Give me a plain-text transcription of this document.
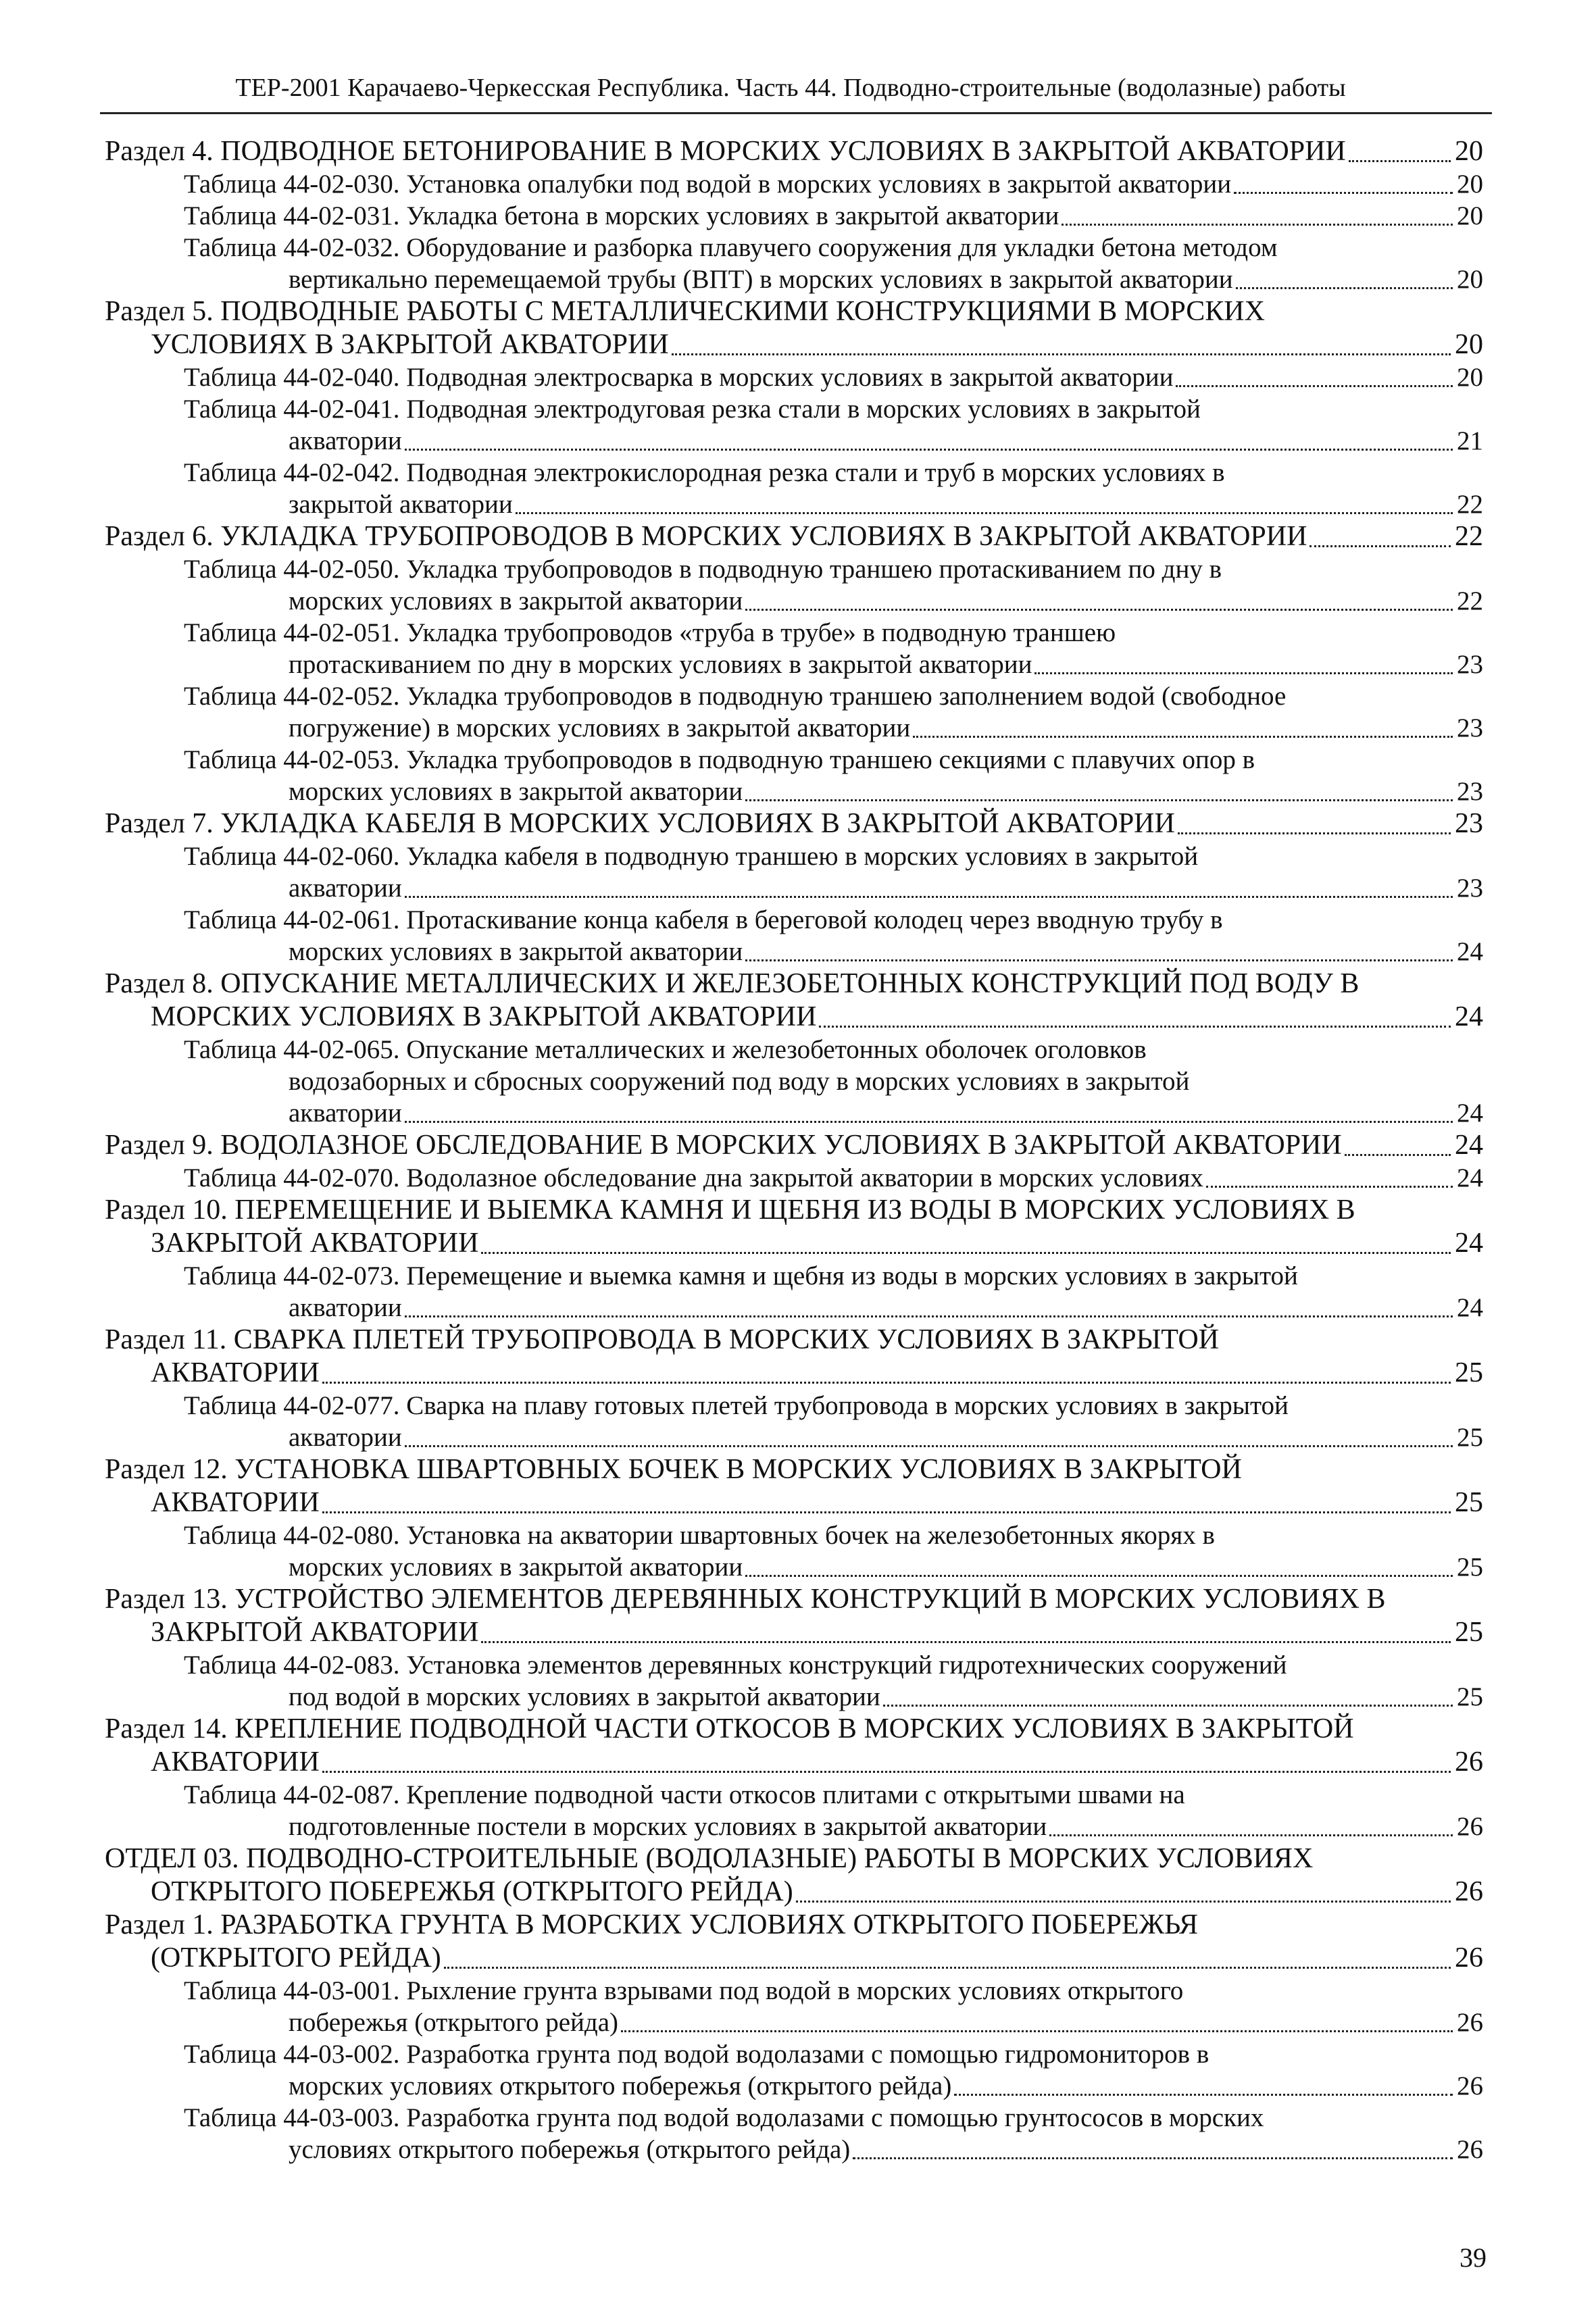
ТЕР-2001 Карачаево-Черкесская Республика. Часть 44. Подводно-строительные (водолазные) работы
Раздел 4. ПОДВОДНОЕ БЕТОНИРОВАНИЕ В МОРСКИХ УСЛОВИЯХ В ЗАКРЫТОЙ АКВАТОРИИ	20
Таблица 44-02-030. Установка опалубки под водой в морских условиях в закрытой акватории	20
Таблица 44-02-031. Укладка бетона в морских условиях в закрытой акватории	20
Таблица 44-02-032. Оборудование и разборка плавучего сооружения для укладки бетона методом
вертикально перемещаемой трубы (ВПТ) в морских условиях в закрытой акватории	20
Раздел 5. ПОДВОДНЫЕ РАБОТЫ С МЕТАЛЛИЧЕСКИМИ КОНСТРУКЦИЯМИ В МОРСКИХ
УСЛОВИЯХ В ЗАКРЫТОЙ АКВАТОРИИ	20
Таблица 44-02-040. Подводная электросварка в морских условиях в закрытой акватории	20
Таблица 44-02-041. Подводная электродуговая резка стали в морских условиях в закрытой
акватории	21
Таблица 44-02-042. Подводная электрокислородная резка стали и труб в морских условиях в
закрытой акватории	22
Раздел 6. УКЛАДКА ТРУБОПРОВОДОВ В МОРСКИХ УСЛОВИЯХ В ЗАКРЫТОЙ АКВАТОРИИ	22
Таблица 44-02-050. Укладка трубопроводов в подводную траншею протаскиванием по дну в
морских условиях в закрытой акватории	22
Таблица 44-02-051. Укладка трубопроводов «труба в трубе» в подводную траншею
протаскиванием по дну в морских условиях в закрытой акватории	23
Таблица 44-02-052. Укладка трубопроводов в подводную траншею заполнением водой (свободное
погружение) в морских условиях в закрытой акватории	23
Таблица 44-02-053. Укладка трубопроводов в подводную траншею секциями с плавучих опор в
морских условиях в закрытой акватории	23
Раздел 7. УКЛАДКА КАБЕЛЯ В МОРСКИХ УСЛОВИЯХ В ЗАКРЫТОЙ АКВАТОРИИ	23
Таблица 44-02-060. Укладка кабеля в подводную траншею в морских условиях в закрытой
акватории	23
Таблица 44-02-061. Протаскивание конца кабеля в береговой колодец через вводную трубу в
морских условиях в закрытой акватории	24
Раздел 8. ОПУСКАНИЕ МЕТАЛЛИЧЕСКИХ И ЖЕЛЕЗОБЕТОННЫХ КОНСТРУКЦИЙ ПОД ВОДУ В
МОРСКИХ УСЛОВИЯХ В ЗАКРЫТОЙ АКВАТОРИИ	24
Таблица 44-02-065. Опускание металлических и железобетонных оболочек оголовков
водозаборных и сбросных сооружений под воду в морских условиях в закрытой
акватории	24
Раздел 9. ВОДОЛАЗНОЕ ОБСЛЕДОВАНИЕ В МОРСКИХ УСЛОВИЯХ В ЗАКРЫТОЙ АКВАТОРИИ	24
Таблица 44-02-070. Водолазное обследование дна закрытой акватории в морских условиях	24
Раздел 10. ПЕРЕМЕЩЕНИЕ И ВЫЕМКА КАМНЯ И ЩЕБНЯ ИЗ ВОДЫ В МОРСКИХ УСЛОВИЯХ В
ЗАКРЫТОЙ АКВАТОРИИ	24
Таблица 44-02-073. Перемещение и выемка камня и щебня из воды в морских условиях в закрытой
акватории	24
Раздел 11. СВАРКА ПЛЕТЕЙ ТРУБОПРОВОДА В МОРСКИХ УСЛОВИЯХ В ЗАКРЫТОЙ
АКВАТОРИИ	25
Таблица 44-02-077. Сварка на плаву готовых плетей трубопровода в морских условиях в закрытой
акватории	25
Раздел 12. УСТАНОВКА ШВАРТОВНЫХ БОЧЕК В МОРСКИХ УСЛОВИЯХ В ЗАКРЫТОЙ
АКВАТОРИИ	25
Таблица 44-02-080. Установка на акватории швартовных бочек на железобетонных якорях в
морских условиях в закрытой акватории	25
Раздел 13. УСТРОЙСТВО ЭЛЕМЕНТОВ ДЕРЕВЯННЫХ КОНСТРУКЦИЙ В МОРСКИХ УСЛОВИЯХ В
ЗАКРЫТОЙ АКВАТОРИИ	25
Таблица 44-02-083. Установка элементов деревянных конструкций гидротехнических сооружений
под водой в морских условиях в закрытой акватории	25
Раздел 14. КРЕПЛЕНИЕ ПОДВОДНОЙ ЧАСТИ ОТКОСОВ В МОРСКИХ УСЛОВИЯХ В ЗАКРЫТОЙ
АКВАТОРИИ	26
Таблица 44-02-087. Крепление подводной части откосов плитами с открытыми швами на
подготовленные постели в морских условиях в закрытой акватории	26
ОТДЕЛ 03. ПОДВОДНО-СТРОИТЕЛЬНЫЕ (ВОДОЛАЗНЫЕ) РАБОТЫ В МОРСКИХ УСЛОВИЯХ
ОТКРЫТОГО ПОБЕРЕЖЬЯ (ОТКРЫТОГО РЕЙДА)	26
Раздел 1. РАЗРАБОТКА ГРУНТА В МОРСКИХ УСЛОВИЯХ ОТКРЫТОГО ПОБЕРЕЖЬЯ
(ОТКРЫТОГО РЕЙДА)	26
Таблица 44-03-001. Рыхление грунта взрывами под водой в морских условиях открытого
побережья (открытого рейда)	26
Таблица 44-03-002. Разработка грунта под водой водолазами с помощью гидромониторов в
морских условиях открытого побережья (открытого рейда)	26
Таблица 44-03-003. Разработка грунта под водой водолазами с помощью грунтососов в морских
условиях открытого побережья (открытого рейда)	26
39
